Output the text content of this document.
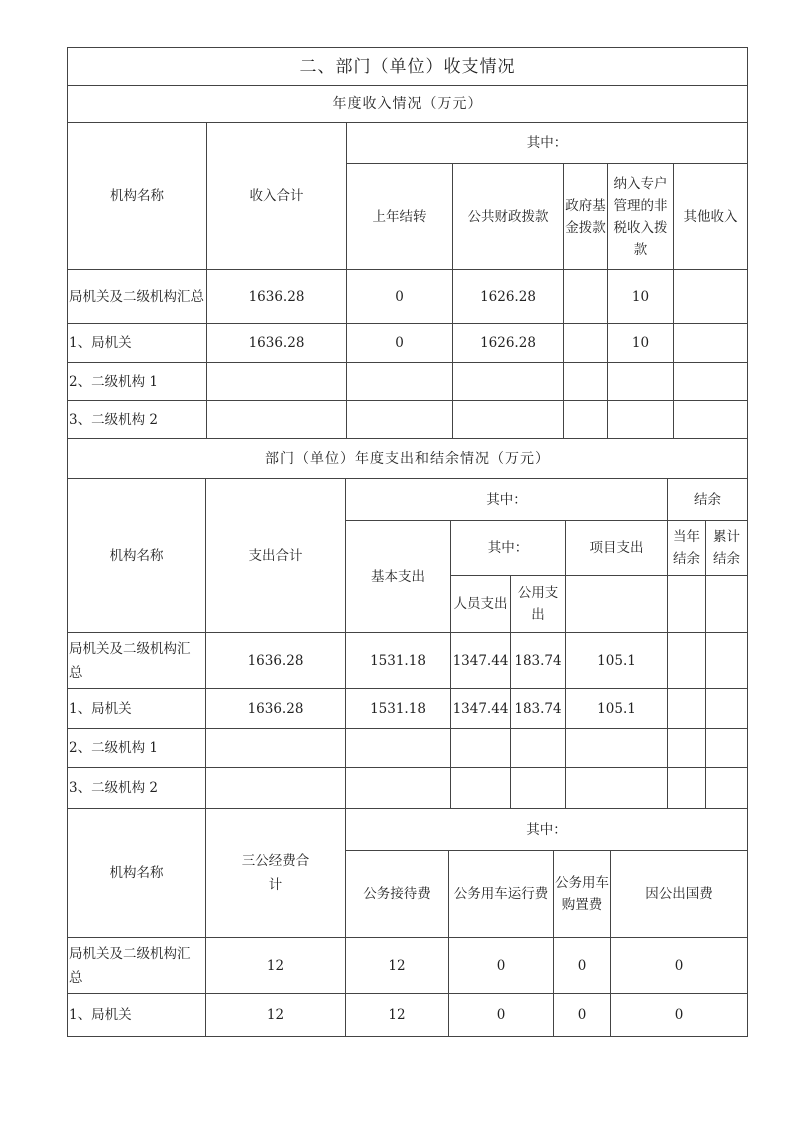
二、部门（单位）收支情况						
年度收入情况（万元）						
机构名称	收入合计	其中：				
		上年结转	公共财政拨款	政府基金拨款	纳入专户管理的非税收入拨款	其他收入
局机关及二级机构汇总	1636.28	0	1626.28		10	
1、局机关	1636.28	0	1626.28		10	
2、二级机构 1						
3、二级机构 2						
部门（单位）年度支出和结余情况（万元）							
机构名称	支出合计	其中：				结余	
		基本支出	其中：		项目支出	当年结余	累计结余
			人员支出	公用支出			
局机关及二级机构汇总	1636.28	1531.18	1347.44	183.74	105.1		
1、局机关	1636.28	1531.18	1347.44	183.74	105.1		
2、二级机构 1							
3、二级机构 2							
机构名称	三公经费合计	其中：			
		公务接待费	公务用车运行费	公务用车购置费	因公出国费
局机关及二级机构汇总	12	12	0	0	0
1、局机关	12	12	0	0	0
